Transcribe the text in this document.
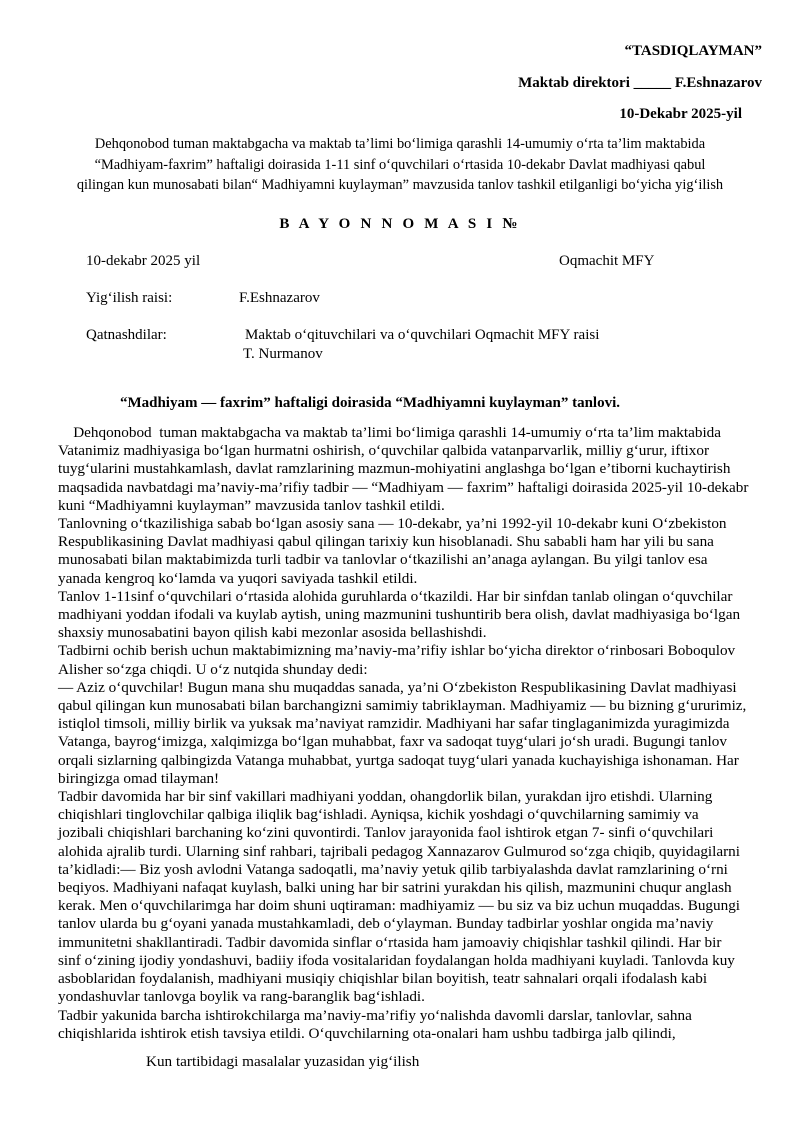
“TASDIQLAYMAN”
Maktab direktori _____ F.Eshnazarov
10-Dekabr 2025-yil
Dehqonobod tuman maktabgacha va maktab ta’limi bo‘limiga qarashli 14-umumiy o‘rta ta’lim maktabida
“Madhiyam-faxrim” haftaligi doirasida 1-11 sinf o‘quvchilari o‘rtasida 10-dekabr Davlat madhiyasi qabul
qilingan kun munosabati bilan“ Madhiyamni kuylayman” mavzusida tanlov tashkil etilganligi bo‘yicha yig‘ilish
B A Y O N N O M A S I №
10-dekabr 2025 yil	Oqmachit MFY
Yig‘ilish raisi:	F.Eshnazarov
Qatnashdilar:	Maktab o‘qituvchilari va o‘quvchilari Oqmachit MFY raisi
T. Nurmanov
“Madhiyam — faxrim” haftaligi doirasida “Madhiyamni kuylayman” tanlovi.
Dehqonobod  tuman maktabgacha va maktab ta’limi bo‘limiga qarashli 14-umumiy o‘rta ta’lim maktabida
Vatanimiz madhiyasiga bo‘lgan hurmatni oshirish, o‘quvchilar qalbida vatanparvarlik, milliy g‘urur, iftixor
tuyg‘ularini mustahkamlash, davlat ramzlarining mazmun-mohiyatini anglashga bo‘lgan e’tiborni kuchaytirish
maqsadida navbatdagi ma’naviy-ma’rifiy tadbir — “Madhiyam — faxrim” haftaligi doirasida 2025-yil 10-dekabr
kuni “Madhiyamni kuylayman” mavzusida tanlov tashkil etildi.
Tanlovning o‘tkazilishiga sabab bo‘lgan asosiy sana — 10-dekabr, ya’ni 1992-yil 10-dekabr kuni O‘zbekiston
Respublikasining Davlat madhiyasi qabul qilingan tarixiy kun hisoblanadi. Shu sababli ham har yili bu sana
munosabati bilan maktabimizda turli tadbir va tanlovlar o‘tkazilishi an’anaga aylangan. Bu yilgi tanlov esa
yanada kengroq ko‘lamda va yuqori saviyada tashkil etildi.
Tanlov 1-11sinf o‘quvchilari o‘rtasida alohida guruhlarda o‘tkazildi. Har bir sinfdan tanlab olingan o‘quvchilar
madhiyani yoddan ifodali va kuylab aytish, uning mazmunini tushuntirib bera olish, davlat madhiyasiga bo‘lgan
shaxsiy munosabatini bayon qilish kabi mezonlar asosida bellashishdi.
Tadbirni ochib berish uchun maktabimizning ma’naviy-ma’rifiy ishlar bo‘yicha direktor o‘rinbosari Boboqulov
Alisher so‘zga chiqdi. U o‘z nutqida shunday dedi:
— Aziz o‘quvchilar! Bugun mana shu muqaddas sanada, ya’ni O‘zbekiston Respublikasining Davlat madhiyasi
qabul qilingan kun munosabati bilan barchangizni samimiy tabriklayman. Madhiyamiz — bu bizning g‘ururimiz,
istiqlol timsoli, milliy birlik va yuksak ma’naviyat ramzidir. Madhiyani har safar tinglaganimizda yuragimizda
Vatanga, bayrog‘imizga, xalqimizga bo‘lgan muhabbat, faxr va sadoqat tuyg‘ulari jo‘sh uradi. Bugungi tanlov
orqali sizlarning qalbingizda Vatanga muhabbat, yurtga sadoqat tuyg‘ulari yanada kuchayishiga ishonaman. Har
biringizga omad tilayman!
Tadbir davomida har bir sinf vakillari madhiyani yoddan, ohangdorlik bilan, yurakdan ijro etishdi. Ularning
chiqishlari tinglovchilar qalbiga iliqlik bag‘ishladi. Ayniqsa, kichik yoshdagi o‘quvchilarning samimiy va
jozibali chiqishlari barchaning ko‘zini quvontirdi. Tanlov jarayonida faol ishtirok etgan 7- sinfi o‘quvchilari
alohida ajralib turdi. Ularning sinf rahbari, tajribali pedagog Xannazarov Gulmurod so‘zga chiqib, quyidagilarni
ta’kidladi:— Biz yosh avlodni Vatanga sadoqatli, ma’naviy yetuk qilib tarbiyalashda davlat ramzlarining o‘rni
beqiyos. Madhiyani nafaqat kuylash, balki uning har bir satrini yurakdan his qilish, mazmunini chuqur anglash
kerak. Men o‘quvchilarimga har doim shuni uqtiraman: madhiyamiz — bu siz va biz uchun muqaddas. Bugungi
tanlov ularda bu g‘oyani yanada mustahkamladi, deb o‘ylayman. Bunday tadbirlar yoshlar ongida ma’naviy
immunitetni shakllantiradi. Tadbir davomida sinflar o‘rtasida ham jamoaviy chiqishlar tashkil qilindi. Har bir
sinf o‘zining ijodiy yondashuvi, badiiy ifoda vositalaridan foydalangan holda madhiyani kuyladi. Tanlovda kuy
asboblaridan foydalanish, madhiyani musiqiy chiqishlar bilan boyitish, teatr sahnalari orqali ifodalash kabi
yondashuvlar tanlovga boylik va rang-baranglik bag‘ishladi.
Tadbir yakunida barcha ishtirokchilarga ma’naviy-ma’rifiy yo‘nalishda davomli darslar, tanlovlar, sahna
chiqishlarida ishtirok etish tavsiya etildi. O‘quvchilarning ota-onalari ham ushbu tadbirga jalb qilindi,
Kun tartibidagi masalalar yuzasidan yig‘ilish
